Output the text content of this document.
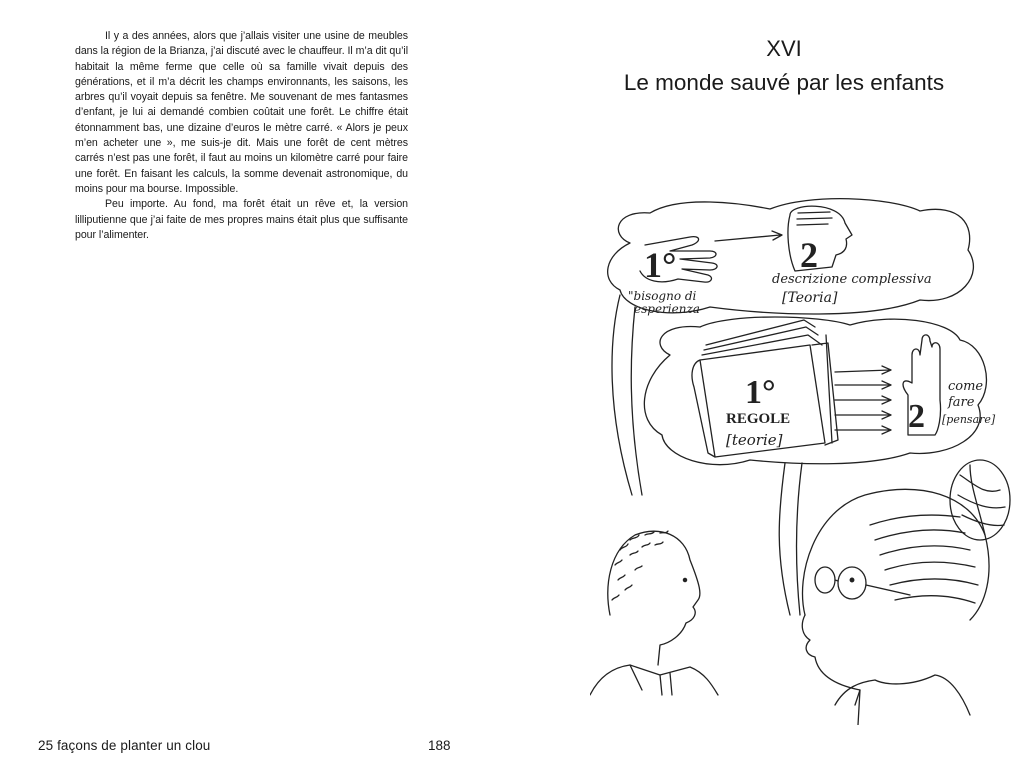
Il y a des années, alors que j’allais visiter une usine de meubles dans la région de la Brianza, j’ai discuté avec le chauffeur. Il m’a dit qu’il habitait la même ferme que celle où sa famille vivait depuis des générations, et il m’a décrit les champs environnants, les saisons, les arbres qu’il voyait depuis sa fenêtre. Me souvenant de mes fantasmes d’enfant, je lui ai demandé combien coûtait une forêt. Le chiffre était étonnamment bas, une dizaine d’euros le mètre carré. « Alors je peux m’en acheter une », me suis-je dit. Mais une forêt de cent mètres carrés n’est pas une forêt, il faut au moins un kilomètre carré pour faire une forêt. En faisant les calculs, la somme devenait astronomique, du moins pour ma bourse. Impossible.

Peu importe. Au fond, ma forêt était un rêve et, la version lilliputienne que j’ai faite de mes propres mains était plus que suffisante pour l’alimenter.

25 façons de planter un clou	188
XVI
Le monde sauvé par les enfants
1°
"bisogno di
esperienza
2
descrizione complessiva
[Teoria]
1°
REGOLE
[teorie]
2
come
fare
[pensare]
